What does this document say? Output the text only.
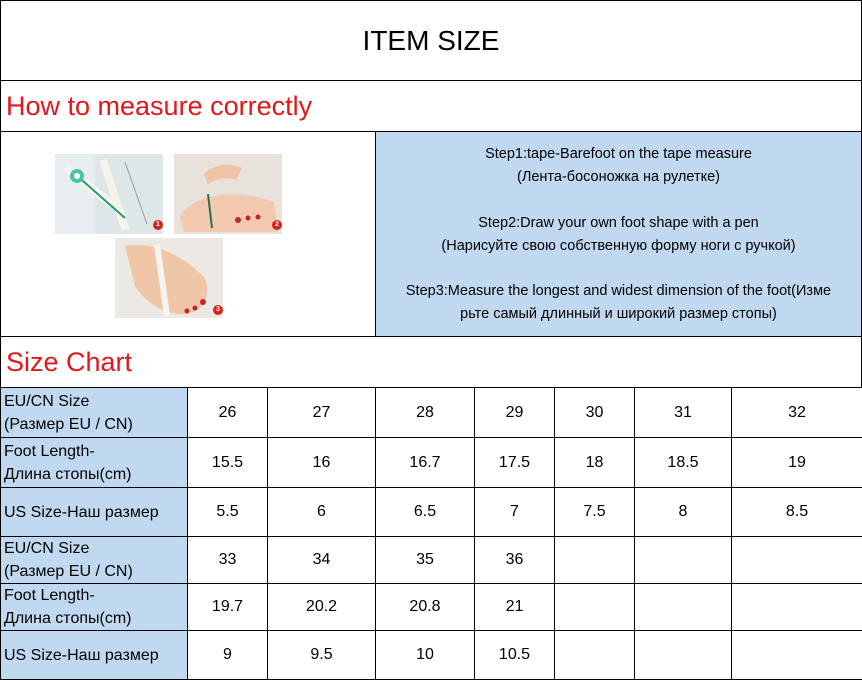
ITEM SIZE
How to measure correctly
1	2
3
Step1:tape-Barefoot on the tape measure
(Лента-босоножка на рулетке)
Step2:Draw your own foot shape with a pen
(Нарисуйте свою собственную форму ноги с ручкой)
Step3:Measure the longest and widest dimension of the foot(Изме
рьте самый длинный и широкий размер стопы)
Size Chart
EU/CN Size
(Размер EU / CN)	26	27	28	29	30	31	32

Foot Length-
Длина стопы(cm)	15.5	16	16.7	17.5	18	18.5	19

US Size-Наш размер	5.5	6	6.5	7	7.5	8	8.5

EU/CN Size
(Размер EU / CN)	33	34	35	36			

Foot Length-
Длина стопы(cm)	19.7	20.2	20.8	21			

US Size-Наш размер	9	9.5	10	10.5			
